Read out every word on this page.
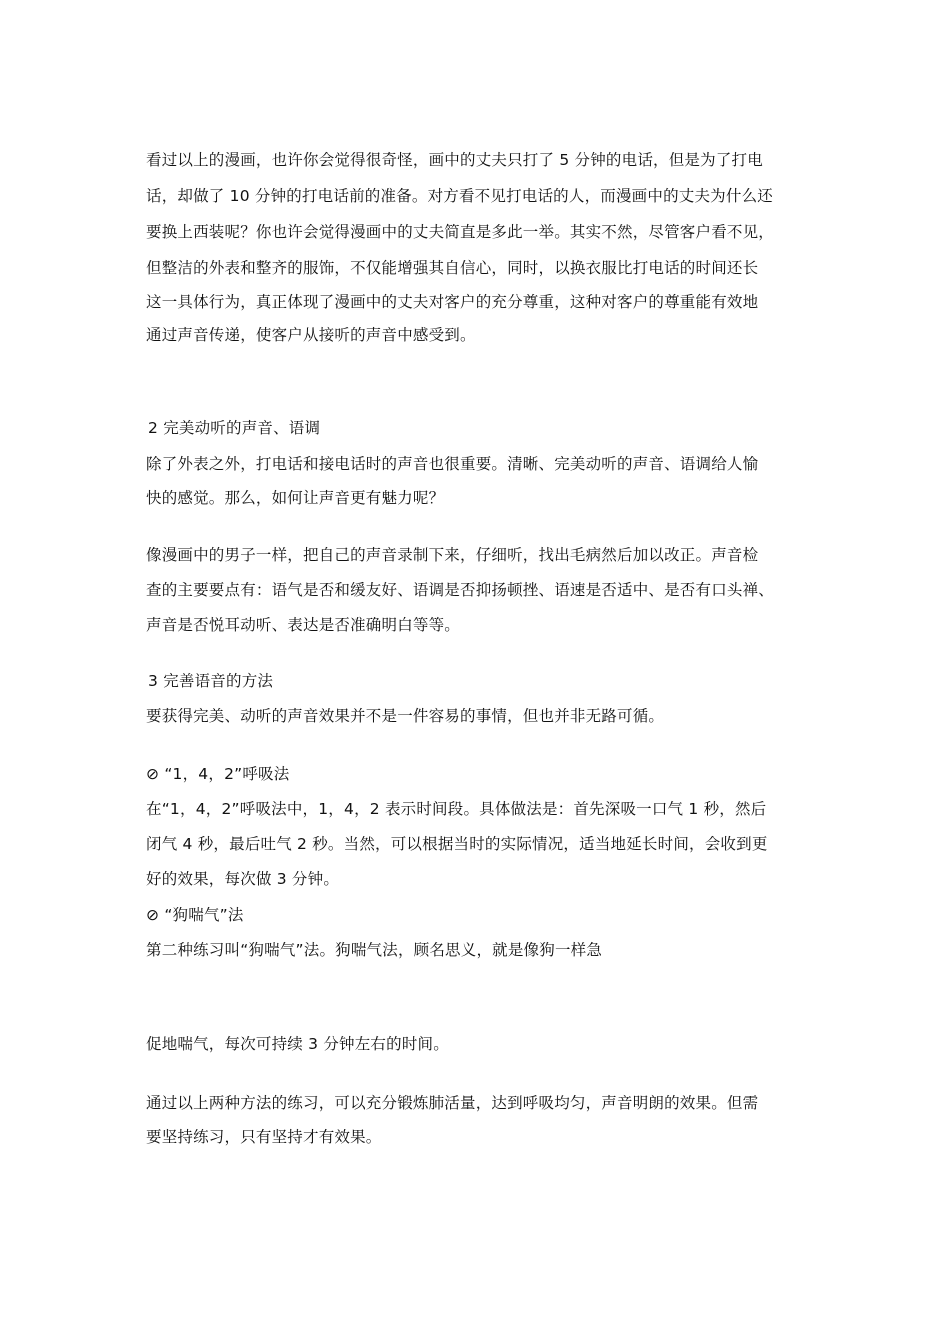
看过以上的漫画，也许你会觉得很奇怪，画中的丈夫只打了 5 分钟的电话，但是为了打电
话，却做了 10 分钟的打电话前的准备。对方看不见打电话的人，而漫画中的丈夫为什么还
要换上西装呢？你也许会觉得漫画中的丈夫简直是多此一举。其实不然，尽管客户看不见，
但整洁的外表和整齐的服饰，不仅能增强其自信心，同时，以换衣服比打电话的时间还长
这一具体行为，真正体现了漫画中的丈夫对客户的充分尊重，这种对客户的尊重能有效地
通过声音传递，使客户从接听的声音中感受到。
2 完美动听的声音、语调
除了外表之外，打电话和接电话时的声音也很重要。清晰、完美动听的声音、语调给人愉
快的感觉。那么，如何让声音更有魅力呢？
像漫画中的男子一样，把自己的声音录制下来，仔细听，找出毛病然后加以改正。声音检
查的主要要点有：语气是否和缓友好、语调是否抑扬顿挫、语速是否适中、是否有口头禅、
声音是否悦耳动听、表达是否准确明白等等。
3 完善语音的方法
要获得完美、动听的声音效果并不是一件容易的事情，但也并非无路可循。
⊘ “1，4，2”呼吸法
在“1，4，2”呼吸法中，1，4，2 表示时间段。具体做法是：首先深吸一口气 1 秒，然后
闭气 4 秒，最后吐气 2 秒。当然，可以根据当时的实际情况，适当地延长时间，会收到更
好的效果，每次做 3 分钟。
⊘ “狗喘气”法
第二种练习叫“狗喘气”法。狗喘气法，顾名思义，就是像狗一样急
促地喘气，每次可持续 3 分钟左右的时间。
通过以上两种方法的练习，可以充分锻炼肺活量，达到呼吸均匀，声音明朗的效果。但需
要坚持练习，只有坚持才有效果。
